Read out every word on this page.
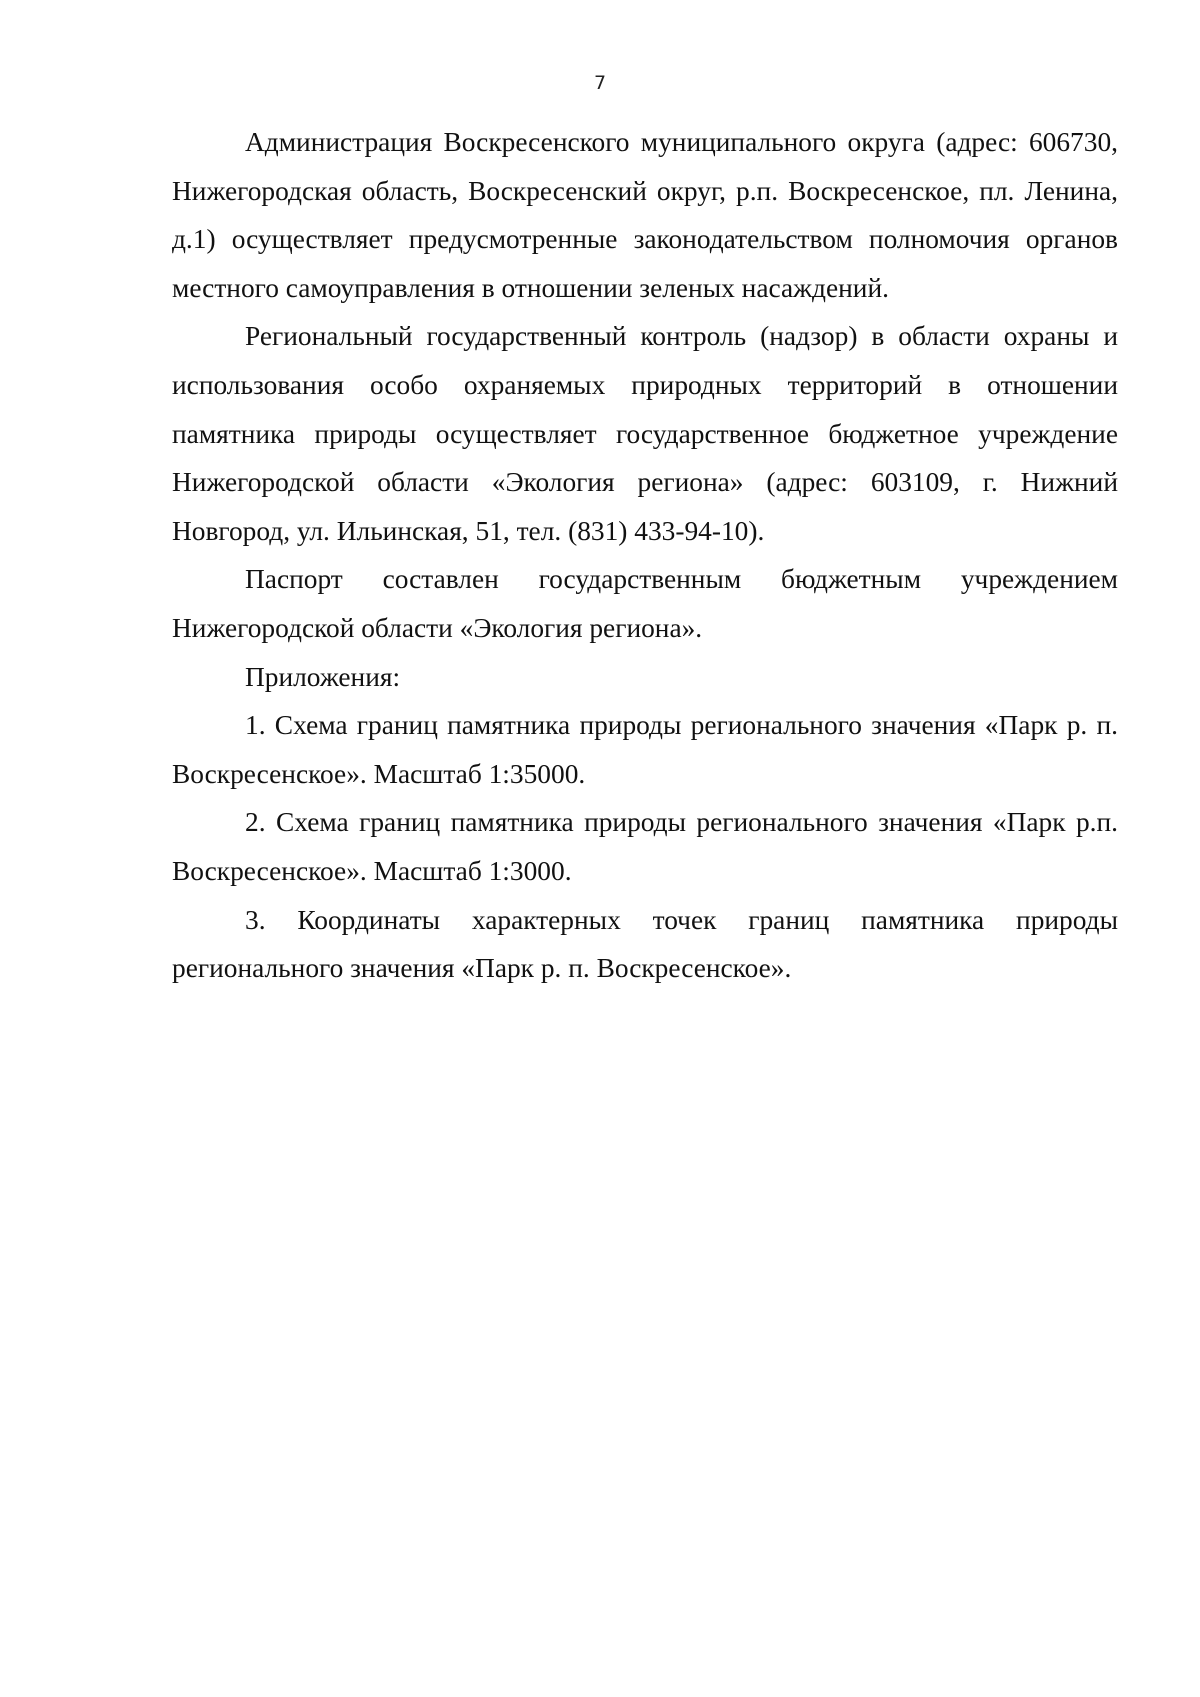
7

Администрация Воскресенского муниципального округа (адрес: 606730, Нижегородская область, Воскресенский округ, р.п. Воскресенское, пл. Ленина, д.1) осуществляет предусмотренные законодательством полномочия органов местного самоуправления в отношении зеленых насаждений.

Региональный государственный контроль (надзор) в области охраны и использования особо охраняемых природных территорий в отношении памятника природы осуществляет государственное бюджетное учреждение Нижегородской области «Экология региона» (адрес: 603109, г. Нижний Новгород, ул. Ильинская, 51, тел. (831) 433-94-10).

Паспорт составлен государственным бюджетным учреждением Нижегородской области «Экология региона».

Приложения:

1. Схема границ памятника природы регионального значения «Парк р. п. Воскресенское». Масштаб 1:35000.

2. Схема границ памятника природы регионального значения «Парк р.п. Воскресенское». Масштаб 1:3000.

3. Координаты характерных точек границ памятника природы регионального значения «Парк р. п. Воскресенское».
